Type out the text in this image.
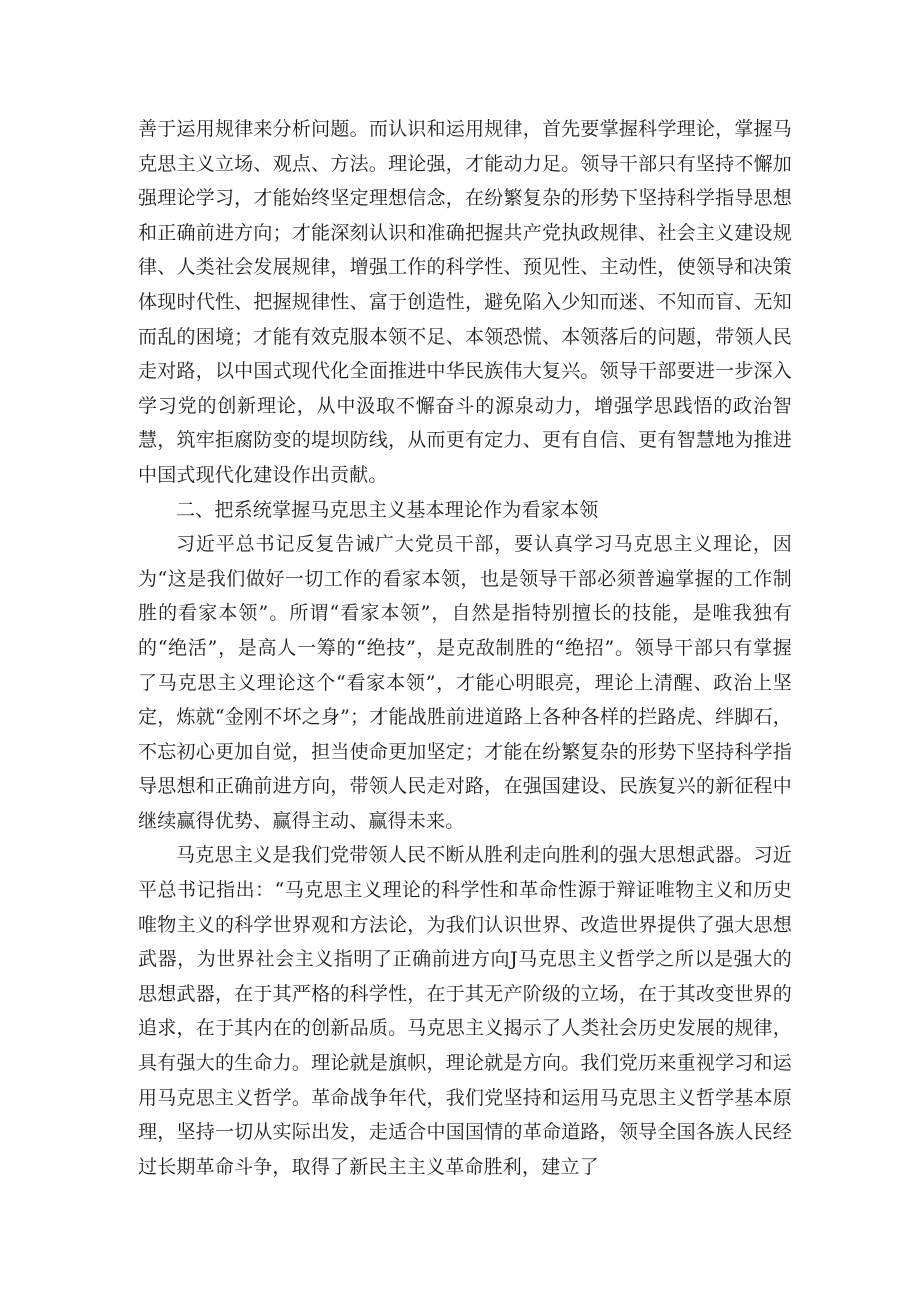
善于运用规律来分析问题。而认识和运用规律，首先要掌握科学理论，掌握马克思主义立场、观点、方法。理论强，才能动力足。领导干部只有坚持不懈加强理论学习，才能始终坚定理想信念，在纷繁复杂的形势下坚持科学指导思想和正确前进方向；才能深刻认识和准确把握共产党执政规律、社会主义建设规律、人类社会发展规律，增强工作的科学性、预见性、主动性，使领导和决策体现时代性、把握规律性、富于创造性，避免陷入少知而迷、不知而盲、无知而乱的困境；才能有效克服本领不足、本领恐慌、本领落后的问题，带领人民走对路，以中国式现代化全面推进中华民族伟大复兴。领导干部要进一步深入学习党的创新理论，从中汲取不懈奋斗的源泉动力，增强学思践悟的政治智慧，筑牢拒腐防变的堤坝防线，从而更有定力、更有自信、更有智慧地为推进中国式现代化建设作出贡献。

二、把系统掌握马克思主义基本理论作为看家本领

习近平总书记反复告诫广大党员干部，要认真学习马克思主义理论，因为“这是我们做好一切工作的看家本领，也是领导干部必须普遍掌握的工作制胜的看家本领”。所谓“看家本领”，自然是指特别擅长的技能，是唯我独有的“绝活”，是高人一筹的“绝技”，是克敌制胜的“绝招”。领导干部只有掌握了马克思主义理论这个“看家本领”，才能心明眼亮，理论上清醒、政治上坚定，炼就“金刚不坏之身”；才能战胜前进道路上各种各样的拦路虎、绊脚石，不忘初心更加自觉，担当使命更加坚定；才能在纷繁复杂的形势下坚持科学指导思想和正确前进方向，带领人民走对路，在强国建设、民族复兴的新征程中继续赢得优势、赢得主动、赢得未来。

马克思主义是我们党带领人民不断从胜利走向胜利的强大思想武器。习近平总书记指出：“马克思主义理论的科学性和革命性源于辩证唯物主义和历史唯物主义的科学世界观和方法论，为我们认识世界、改造世界提供了强大思想武器，为世界社会主义指明了正确前进方向J马克思主义哲学之所以是强大的思想武器，在于其严格的科学性，在于其无产阶级的立场，在于其改变世界的追求，在于其内在的创新品质。马克思主义揭示了人类社会历史发展的规律，具有强大的生命力。理论就是旗帜，理论就是方向。我们党历来重视学习和运用马克思主义哲学。革命战争年代，我们党坚持和运用马克思主义哲学基本原理，坚持一切从实际出发，走适合中国国情的革命道路，领导全国各族人民经过长期革命斗争，取得了新民主主义革命胜利，建立了
